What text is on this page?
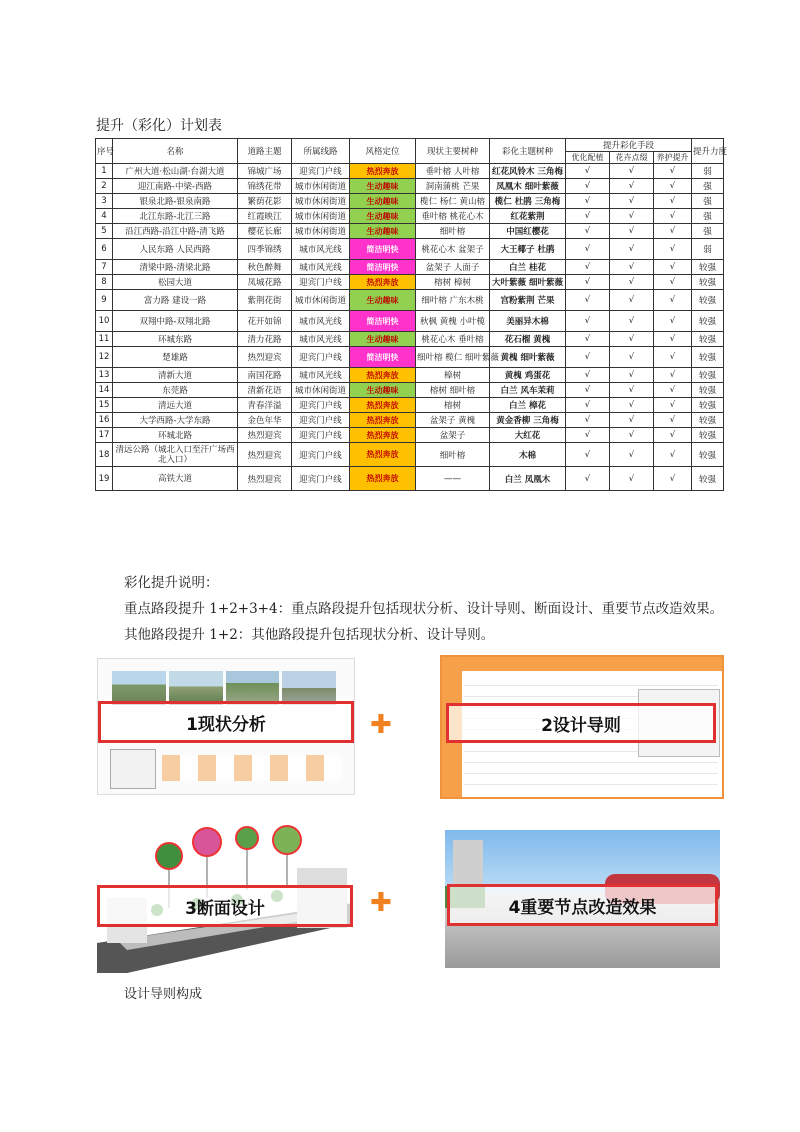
提升（彩化）计划表
序号	名称	道路主题	所属线路	风格定位	现状主要树种	彩化主题树种	提升彩化手段			提升力度
							优化配植	花卉点缀	养护提升	
1	广州大道·松山湖·台湖大道	锦城广场	迎宾门户线	热烈奔放	垂叶榕 人叶榕	红花风铃木 三角梅	√	√	√	弱
2	迎江南路-中梁-西路	锦绣花带	城市休闲街道	生动趣味	洞南蒲桃 芒果	凤凰木 细叶紫薇	√	√	√	强
3	银泉北路-银泉南路	繁荫花影	城市休闲街道	生动趣味	榄仁 杨仁 黄山榕	榄仁 杜鹃 三角梅	√	√	√	强
4	北江东路-北江三路	红霞映江	城市休闲街道	生动趣味	垂叶榕 桃花心木	红花紫荆	√	√	√	强
5	沿江西路-沿江中路-清飞路	樱花长廊	城市休闲街道	生动趣味	细叶榕	中国红樱花	√	√	√	强
6	人民东路 人民西路	四季锦绣	城市风光线	简洁明快	桃花心木 盆架子	大王椰子 杜鹃	√	√	√	弱
7	清梁中路-清梁北路	秋色醉舞	城市风光线	简洁明快	盆架子 人面子	白兰 桂花	√	√	√	较强
8	松园大道	凤城花路	迎宾门户线	热烈奔放	榕树 樟树	大叶紫薇 细叶紫薇	√	√	√	较强
9	富力路 建设一路	紫荆花街	城市休闲街道	生动趣味	细叶榕 广东木桃	宫粉紫荆 芒果	√	√	√	较强
10	双翔中路-双翔北路	花开如锦	城市风光线	简洁明快	秋枫 黄槐 小叶榄	美丽异木棉	√	√	√	较强
11	环城东路	清力花路	城市风光线	生动趣味	桃花心木 垂叶榕	花石榴 黄槐	√	√	√	较强
12	楚雄路	热烈迎宾	迎宾门户线	简洁明快	细叶榕 榄仁 细叶紫薇	黄槐 细叶紫薇	√	√	√	较强
13	清新大道	南国花路	城市风光线	热烈奔放	樟树	黄槐 鸡蛋花	√	√	√	较强
14	东莞路	清新花语	城市休闲街道	生动趣味	榕树 细叶榕	白兰 风车茉莉	√	√	√	较强
15	清远大道	青春洋溢	迎宾门户线	热烈奔放	榕树	白兰 樟花	√	√	√	较强
16	大学西路-大学东路	金色年华	迎宾门户线	热烈奔放	盆架子 黄槐	黄金香柳 三角梅	√	√	√	较强
17	环城北路	热烈迎宾	迎宾门户线	热烈奔放	盆架子	大红花	√	√	√	较强
18	清远公路（城北入口至汗广场西北入口）	热烈迎宾	迎宾门户线	热烈奔放	细叶榕	木棉	√	√	√	较强
19	高铁大道	热烈迎宾	迎宾门户线	热烈奔放	——	白兰 凤凰木	√	√	√	较强
彩化提升说明：
重点路段提升 1+2+3+4：重点路段提升包括现状分析、设计导则、断面设计、重要节点改造效果。
其他路段提升 1+2：其他路段提升包括现状分析、设计导则。
1现状分析	✚	2设计导则
3断面设计	✚	4重要节点改造效果
设计导则构成
